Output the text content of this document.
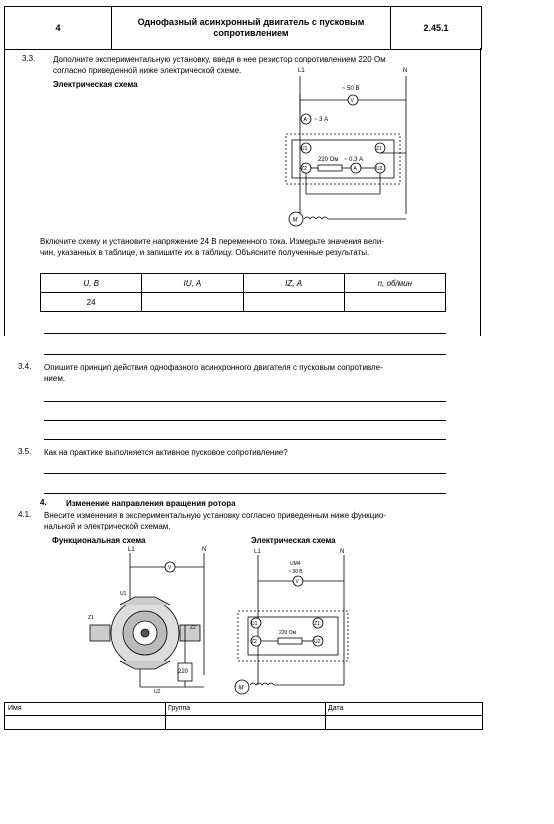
4
Однофазный асинхронный двигатель с пусковым сопротивлением	2.45.1
3.3. Дополните экспериментальную установку, введя в нее резистор сопротивлением 220 Ом
согласно приведенной ниже электрической схеме.
Электрическая схема
L1	N
~ 50 В
V
A ~ 3 А
U1	Z1
Z2	U2
220 Ом ~ 0,3 А
A
M
Включите схему и установите напряжение 24 В переменного тока. Измерьте значения вели-
чин, указанных в таблице, и запишите их в таблицу. Объясните полученные результаты.
U, В	IU, А	IZ, А	n, об/мин
24			
3.4. Опишите принцип действия однофазного асинхронного двигателя с пусковым сопротивле-
нием.
3.5. Как на практике выполняется активное пусковое сопротивление?
4. Изменение направления вращения ротора
4.1. Внесите изменения в экспериментальную установку согласно приведенным ниже функцио-
нальной и электрической схемам.
Функциональная схема	Электрическая схема
L1	N
V
U1
Z1
Z2
U2
220
L1	N
UM4
~ 30 В
V
U1	Z1
Z2	U2
220 Ом
M
Имя	Группа	Дата
